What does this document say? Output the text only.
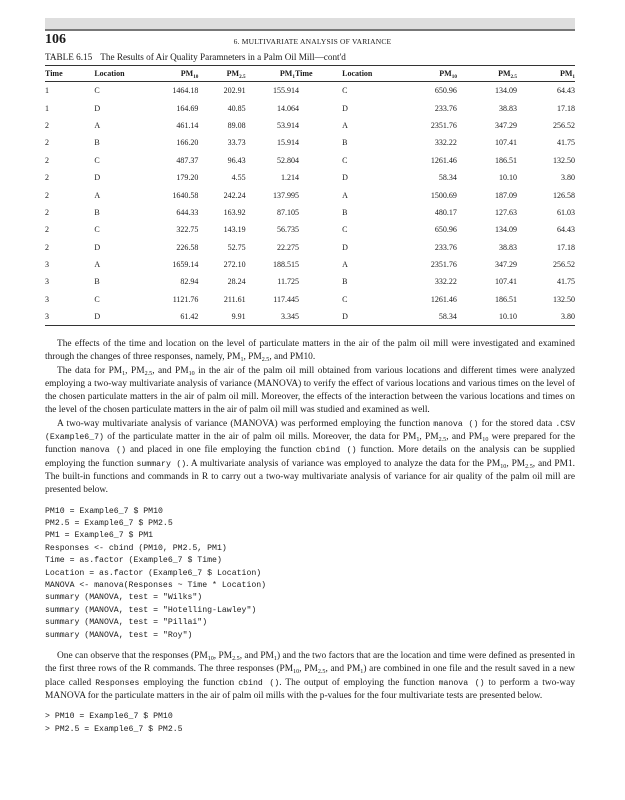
106	6. MULTIVARIATE ANALYSIS OF VARIANCE
TABLE 6.15 The Results of Air Quality Paramneters in a Palm Oil Mill—cont'd
Time	Location	$PM_{10}$	$PM_{2.5}$	$PM_1$	Time	Location	$PM_{10}$	$PM_{2.5}$	$PM_1$
1	C	1464.18	202.91	155.91	4	C	650.96	134.09	64.43
1	D	164.69	40.85	14.06	4	D	233.76	38.83	17.18
2	A	461.14	89.08	53.91	4	A	2351.76	347.29	256.52
2	B	166.20	33.73	15.91	4	B	332.22	107.41	41.75
2	C	487.37	96.43	52.80	4	C	1261.46	186.51	132.50
2	D	179.20	4.55	1.21	4	D	58.34	10.10	3.80
2	A	1640.58	242.24	137.99	5	A	1500.69	187.09	126.58
2	B	644.33	163.92	87.10	5	B	480.17	127.63	61.03
2	C	322.75	143.19	56.73	5	C	650.96	134.09	64.43
2	D	226.58	52.75	22.27	5	D	233.76	38.83	17.18
3	A	1659.14	272.10	188.51	5	A	2351.76	347.29	256.52
3	B	82.94	28.24	11.72	5	B	332.22	107.41	41.75
3	C	1121.76	211.61	117.44	5	C	1261.46	186.51	132.50
3	D	61.42	9.91	3.34	5	D	58.34	10.10	3.80

The effects of the time and location on the level of particulate matters in the air of the palm oil mill were investigated and examined through the changes of three responses, namely, $PM_1$, $PM_{2.5}$, and PM10.

The data for $PM_1$, $PM_{2.5}$, and $PM_{10}$ in the air of the palm oil mill obtained from various locations and different times were analyzed employing a two-way multivariate analysis of variance (MANOVA) to verify the effect of various locations and various times on the level of the chosen particulate matters in the air of palm oil mill. Moreover, the effects of the interaction between the various locations and times on the level of the chosen particulate matters in the air of palm oil mill was studied and examined as well.

A two-way multivariate analysis of variance (MANOVA) was performed employing the function manova () for the stored data .CSV (Example6_7) of the particulate matter in the air of palm oil mills. Moreover, the data for $PM_1$, $PM_{2.5}$, and $PM_{10}$ were prepared for the function manova () and placed in one file employing the function cbind () function. More details on the analysis can be supplied employing the function summary (). A multivariate analysis of variance was employed to analyze the data for the $PM_{10}$, $PM_{2.5}$, and PM1. The built-in functions and commands in R to carry out a two-way multivariate analysis of variance for air quality of the palm oil mill are presented below.

PM10 = Example6_7 $ PM10
PM2.5 = Example6_7 $ PM2.5
PM1 = Example6_7 $ PM1
Responses <- cbind (PM10, PM2.5, PM1)
Time = as.factor (Example6_7 $ Time)
Location = as.factor (Example6_7 $ Location)
MANOVA <- manova(Responses ~ Time * Location)
summary (MANOVA, test = "Wilks")
summary (MANOVA, test = "Hotelling-Lawley")
summary (MANOVA, test = "Pillai")
summary (MANOVA, test = "Roy")

One can observe that the responses ($PM_{10}$, $PM_{2.5}$, and $PM_1$) and the two factors that are the location and time were defined as presented in the first three rows of the R commands. The three responses ($PM_{10}$, $PM_{2.5}$, and $PM_1$) are combined in one file and the result saved in a new place called Responses employing the function cbind (). The output of employing the function manova () to perform a two-way MANOVA for the particulate matters in the air of palm oil mills with the p-values for the four multivariate tests are presented below.

> PM10 = Example6_7 $ PM10
> PM2.5 = Example6_7 $ PM2.5
